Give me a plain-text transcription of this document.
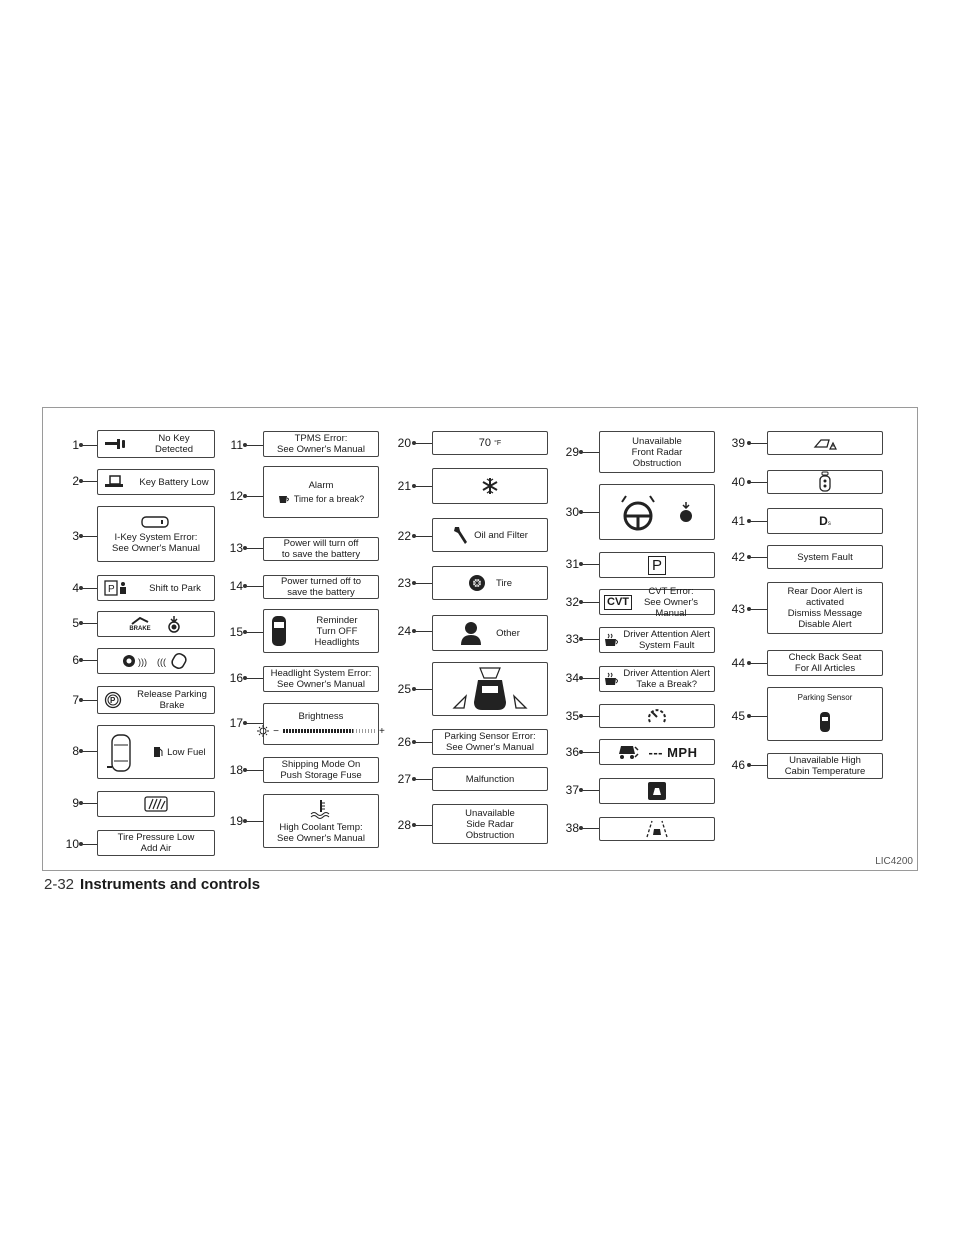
1	No Key
Detected
2	Key Battery Low
3	I-Key System Error:
See Owner's Manual
4	P	Shift to Park
5	BRAKE
6	))) (((
7	P
Release Parking
Brake
8	Low Fuel
9
10	Tire Pressure Low
Add Air
11	TPMS Error:
See Owner's Manual
12
Alarm
Time for a break?
13	Power will turn off
to save the battery
14	Power turned off to
save the battery
15
Reminder
Turn OFF Headlights
16	Headlight System Error:
See Owner's Manual
17	Brightness
−	+
18	Shipping Mode On
Push Storage Fuse
19	High Coolant Temp:
See Owner's Manual
20	70
°F
21
22	Oil and Filter
23	Tire
24	Other
25
26	Parking Sensor Error:
See Owner's Manual
27	Malfunction
28
Unavailable
Side Radar
Obstruction
29
Unavailable
Front Radar
Obstruction
30
31	P
32	CVT
CVT Error:
See Owner's Manual
33	Driver Attention Alert
System Fault
34	Driver Attention Alert
Take a Break?
35
36	--- MPH
37
38
39
40
41	D s
42	System Fault
43
Rear Door Alert is
activated
Dismiss Message
Disable Alert
44	Check Back Seat
For All Articles
45
Parking Sensor
46	Unavailable High
Cabin Temperature
LIC4200
2-32 Instruments and controls
